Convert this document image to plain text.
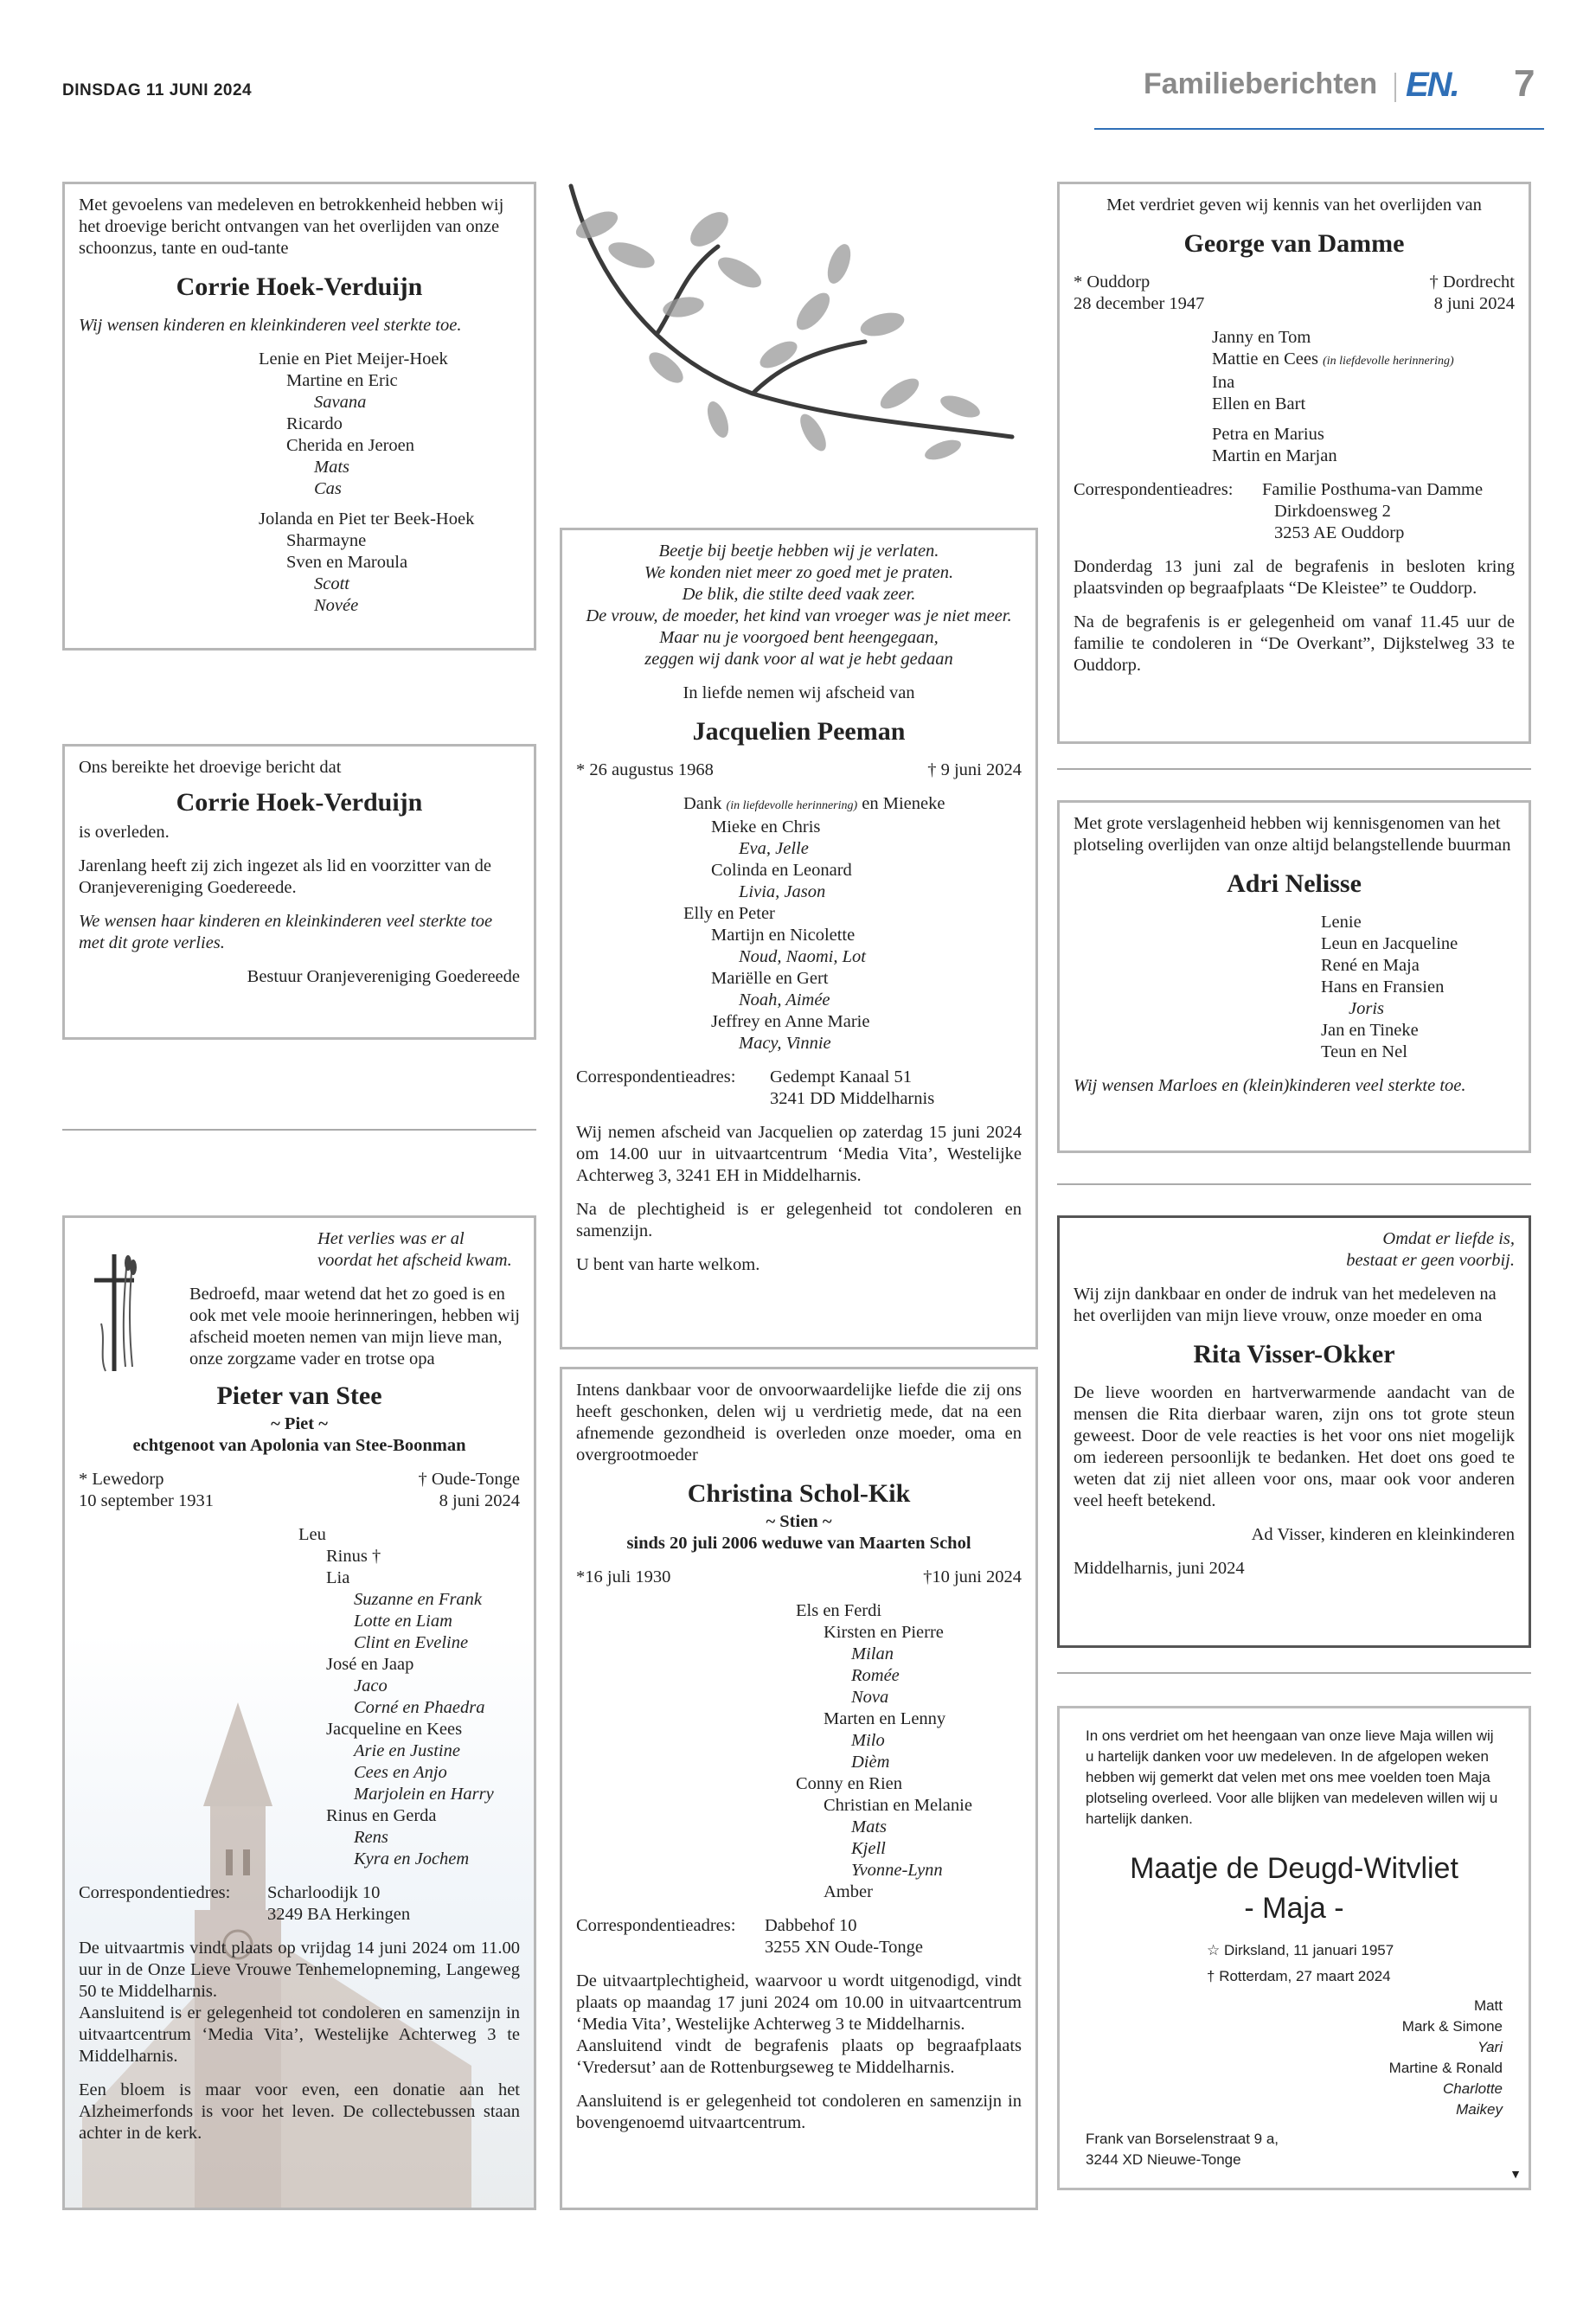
DINSDAG 11 JUNI 2024	Familieberichten EN. 7

Met gevoelens van medeleven en betrokkenheid hebben wij het droevige bericht ontvangen van het overlijden van onze schoonzus, tante en oud-tante

Corrie Hoek-Verduijn

Wij wensen kinderen en kleinkinderen veel sterkte toe.

Lenie en Piet Meijer-Hoek
Martine en Eric
Savana
Ricardo
Cherida en Jeroen
Mats
Cas
Jolanda en Piet ter Beek-Hoek
Sharmayne
Sven en Maroula
Scott
Novée

Ons bereikte het droevige bericht dat

Corrie Hoek-Verduijn

is overleden.

Jarenlang heeft zij zich ingezet als lid en voorzitter van de Oranjevereniging Goedereede.

We wensen haar kinderen en kleinkinderen veel sterkte toe met dit grote verlies.

Bestuur Oranjevereniging Goedereede

Het verlies was er al

voordat het afscheid kwam.

Bedroefd, maar wetend dat het zo goed is en ook met vele mooie herinneringen, hebben wij afscheid moeten nemen van mijn lieve man, onze zorgzame vader en trotse opa

Pieter van Stee

~ Piet ~

echtgenoot van Apolonia van Stee-Boonman

* Lewedorp	† Oude-Tonge
10 september 1931	8 juni 2024
Leu
Rinus †
Lia
Suzanne en Frank
Lotte en Liam
Clint en Eveline
José en Jaap
Jaco
Corné en Phaedra
Jacqueline en Kees
Arie en Justine
Cees en Anjo
Marjolein en Harry
Rinus en Gerda
Rens
Kyra en Jochem
Correspondentiedres:	Scharloodijk 10
3249 BA Herkingen

De uitvaartmis vindt plaats op vrijdag 14 juni 2024 om 11.00 uur in de Onze Lieve Vrouwe Tenhemelopneming, Langeweg 50 te Middelharnis.

Aansluitend is er gelegenheid tot condoleren en samenzijn in uitvaartcentrum ‘Media Vita’, Westelijke Achterweg 3 te Middelharnis.

Een bloem is maar voor even, een donatie aan het Alzheimerfonds is voor het leven. De collectebussen staan achter in de kerk.

Beetje bij beetje hebben wij je verlaten.

We konden niet meer zo goed met je praten.

De blik, die stilte deed vaak zeer.

De vrouw, de moeder, het kind van vroeger was je niet meer.

Maar nu je voorgoed bent heengegaan,

zeggen wij dank voor al wat je hebt gedaan

In liefde nemen wij afscheid van

Jacquelien Peeman
* 26 augustus 1968	† 9 juni 2024

Dank (in liefdevolle herinnering) en Mieneke

Mieke en Chris
Eva, Jelle
Colinda en Leonard
Livia, Jason
Elly en Peter
Martijn en Nicolette
Noud, Naomi, Lot
Mariëlle en Gert
Noah, Aimée
Jeffrey en Anne Marie
Macy, Vinnie
Correspondentieadres:	Gedempt Kanaal 51
3241 DD Middelharnis

Wij nemen afscheid van Jacquelien op zaterdag 15 juni 2024 om 14.00 uur in uitvaartcentrum ‘Media Vita’, Westelijke Achterweg 3, 3241 EH in Middelharnis.

Na de plechtigheid is er gelegenheid tot condoleren en samenzijn.

U bent van harte welkom.

Intens dankbaar voor de onvoorwaardelijke liefde die zij ons heeft geschonken, delen wij u verdrietig mede, dat na een afnemende gezondheid is overleden onze moeder, oma en overgrootmoeder

Christina Schol-Kik

~ Stien ~

sinds 20 juli 2006 weduwe van Maarten Schol

*16 juli 1930	†10 juni 2024
Els en Ferdi
Kirsten en Pierre
Milan
Romée
Nova
Marten en Lenny
Milo
Dièm
Conny en Rien
Christian en Melanie
Mats
Kjell
Yvonne-Lynn
Amber
Correspondentieadres:	Dabbehof 10
3255 XN Oude-Tonge

De uitvaartplechtigheid, waarvoor u wordt uitgenodigd, vindt plaats op maandag 17 juni 2024 om 10.00 in uitvaartcentrum ‘Media Vita’, Westelijke Achterweg 3 te Middelharnis.

Aansluitend vindt de begrafenis plaats op begraafplaats ‘Vredersut’ aan de Rottenburgseweg te Middelharnis.

Aansluitend is er gelegenheid tot condoleren en samenzijn in bovengenoemd uitvaartcentrum.

Met verdriet geven wij kennis van het overlijden van

George van Damme
* Ouddorp	† Dordrecht
28 december 1947	8 juni 2024

Janny en Tom

Mattie en Cees (in liefdevolle herinnering)

Ina

Ellen en Bart

Petra en Marius

Martin en Marjan

Correspondentieadres:	Familie Posthuma-van Damme
Dirkdoensweg 2
3253 AE Ouddorp

Donderdag 13 juni zal de begrafenis in besloten kring plaatsvinden op begraafplaats “De Kleistee” te Ouddorp.

Na de begrafenis is er gelegenheid om vanaf 11.45 uur de familie te condoleren in “De Overkant”, Dijkstelweg 33 te Ouddorp.

Met grote verslagenheid hebben wij kennisgenomen van het plotseling overlijden van onze altijd belangstellende buurman

Adri Nelisse
Lenie
Leun en Jacqueline
René en Maja
Hans en Fransien
Joris
Jan en Tineke
Teun en Nel

Wij wensen Marloes en (klein)kinderen veel sterkte toe.

Omdat er liefde is,

bestaat er geen voorbij.

Wij zijn dankbaar en onder de indruk van het medeleven na het overlijden van mijn lieve vrouw, onze moeder en oma

Rita Visser-Okker

De lieve woorden en hartverwarmende aandacht van de mensen die Rita dierbaar waren, zijn ons tot grote steun geweest. Door de vele reacties is het voor ons niet mogelijk om iedereen persoonlijk te bedanken. Het doet ons goed te weten dat zij niet alleen voor ons, maar ook voor anderen veel heeft betekend.

Ad Visser, kinderen en kleinkinderen

Middelharnis, juni 2024

In ons verdriet om het heengaan van onze lieve Maja willen wij u hartelijk danken voor uw medeleven. In de afgelopen weken hebben wij gemerkt dat velen met ons mee voelden toen Maja plotseling overleed. Voor alle blijken van medeleven willen wij u hartelijk danken.

Maatje de Deugd-Witvliet

- Maja -

☆ Dirksland, 11 januari 1957

† Rotterdam, 27 maart 2024

Matt
Mark & Simone
Yari
Martine & Ronald
Charlotte
Maikey

Frank van Borselenstraat 9 a,

3244 XD Nieuwe-Tonge

▼
